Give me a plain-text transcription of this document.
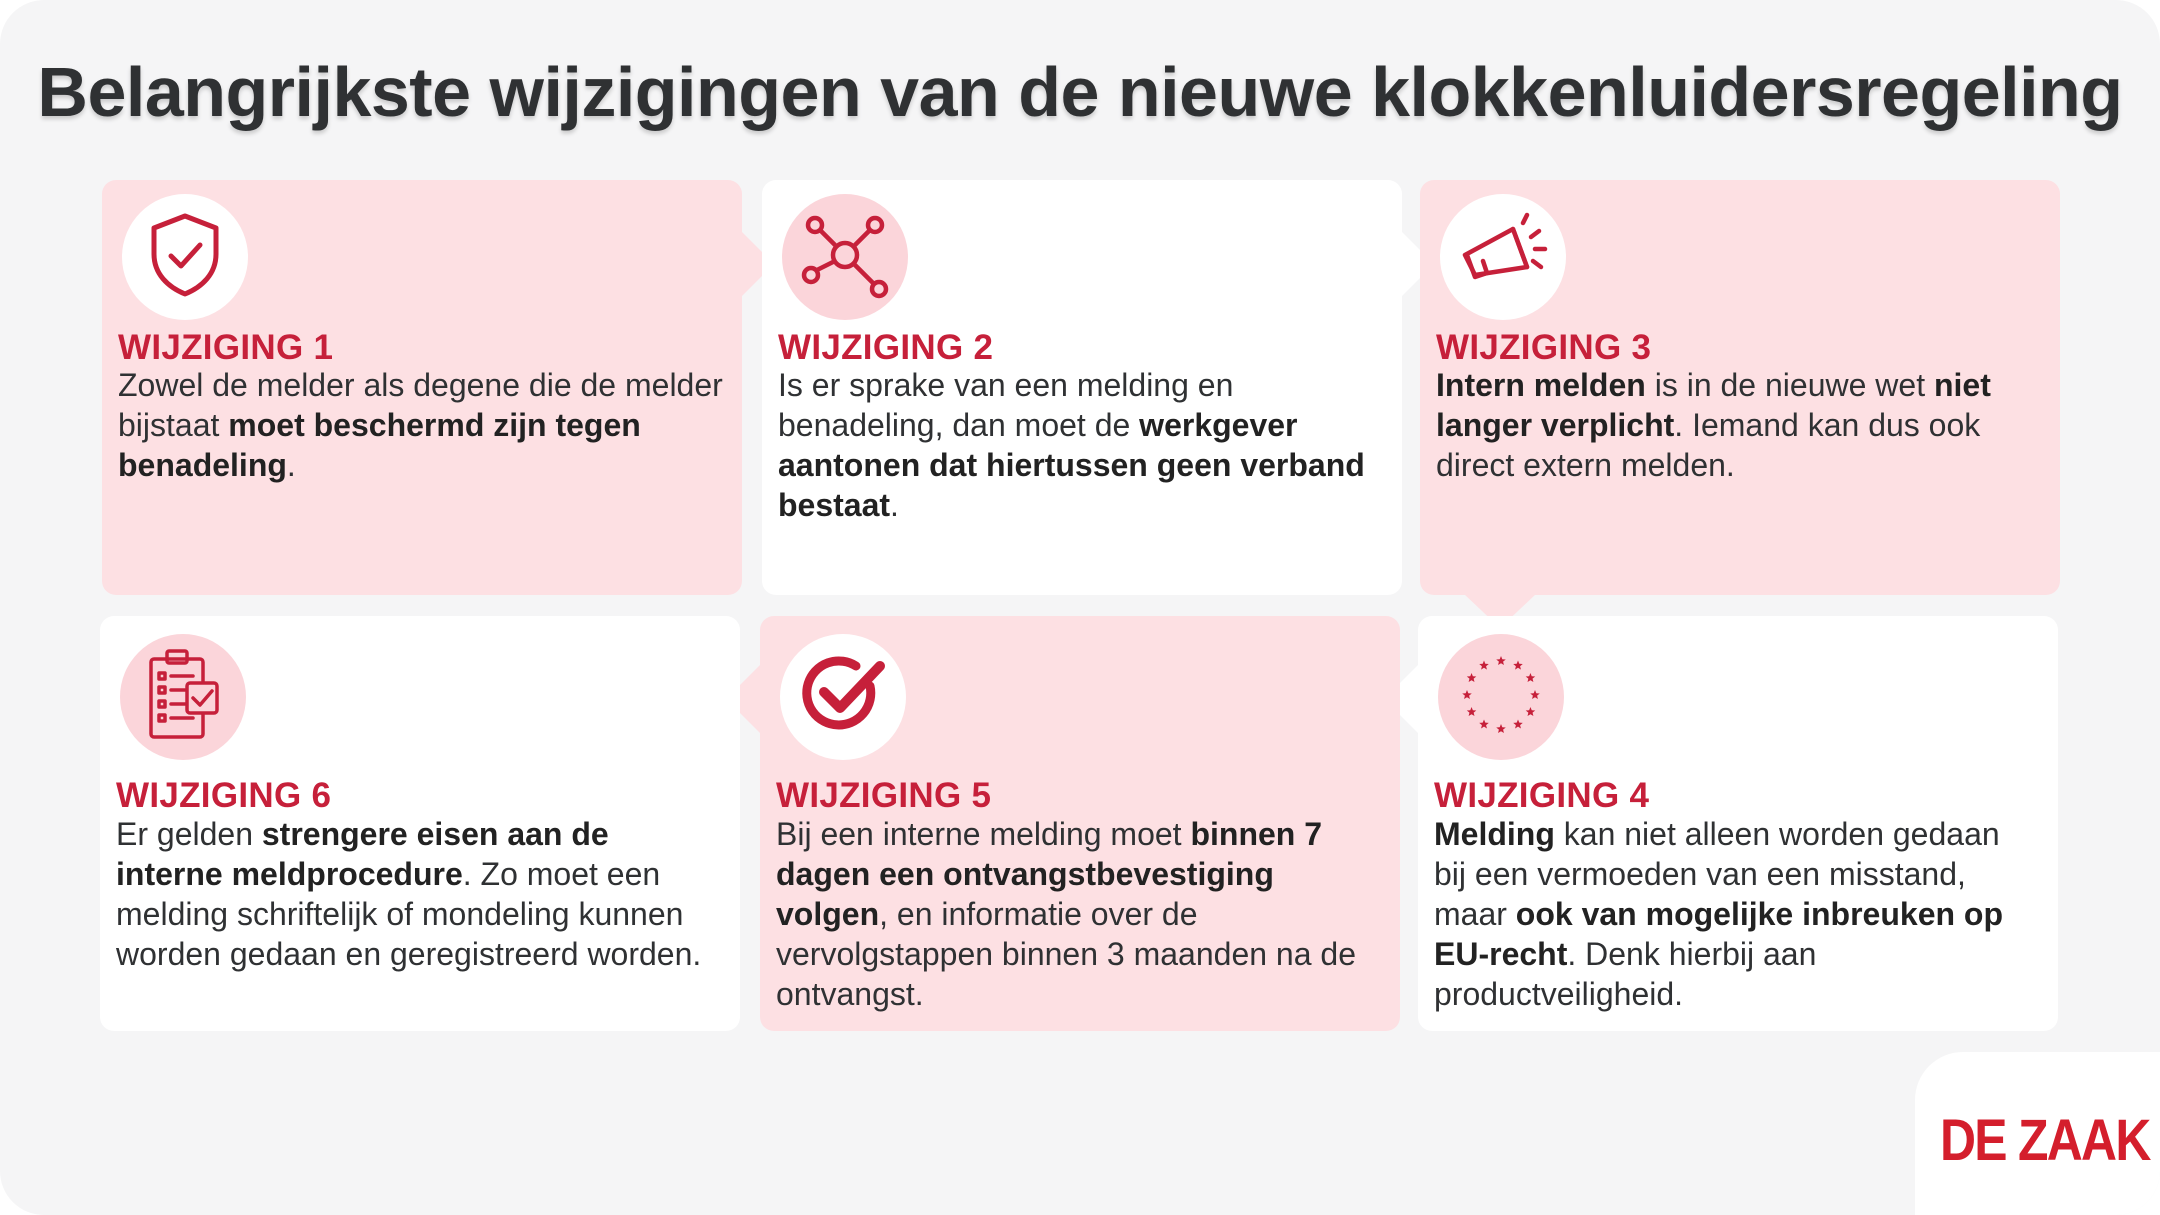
Belangrijkste wijzigingen van de nieuwe klokkenluidersregeling
WIJZIGING 1
Zowel de melder als degene die de melder bijstaat moet beschermd zijn tegen benadeling.
WIJZIGING 2
Is er sprake van een melding en benadeling, dan moet de werkgever aantonen dat hiertussen geen verband bestaat.
WIJZIGING 3
Intern melden is in de nieuwe wet niet langer verplicht. Iemand kan dus ook direct extern melden.
WIJZIGING 6
Er gelden strengere eisen aan de interne meldprocedure. Zo moet een melding schriftelijk of mondeling kunnen worden gedaan en geregistreerd worden.
WIJZIGING 5
Bij een interne melding moet binnen 7 dagen een ontvangstbevestiging volgen, en informatie over de vervolgstappen binnen 3 maanden na de ontvangst.
WIJZIGING 4
Melding kan niet alleen worden gedaan bij een vermoeden van een misstand, maar ook van mogelijke inbreuken op EU-recht. Denk hierbij aan productveiligheid.
DE ZAAK
